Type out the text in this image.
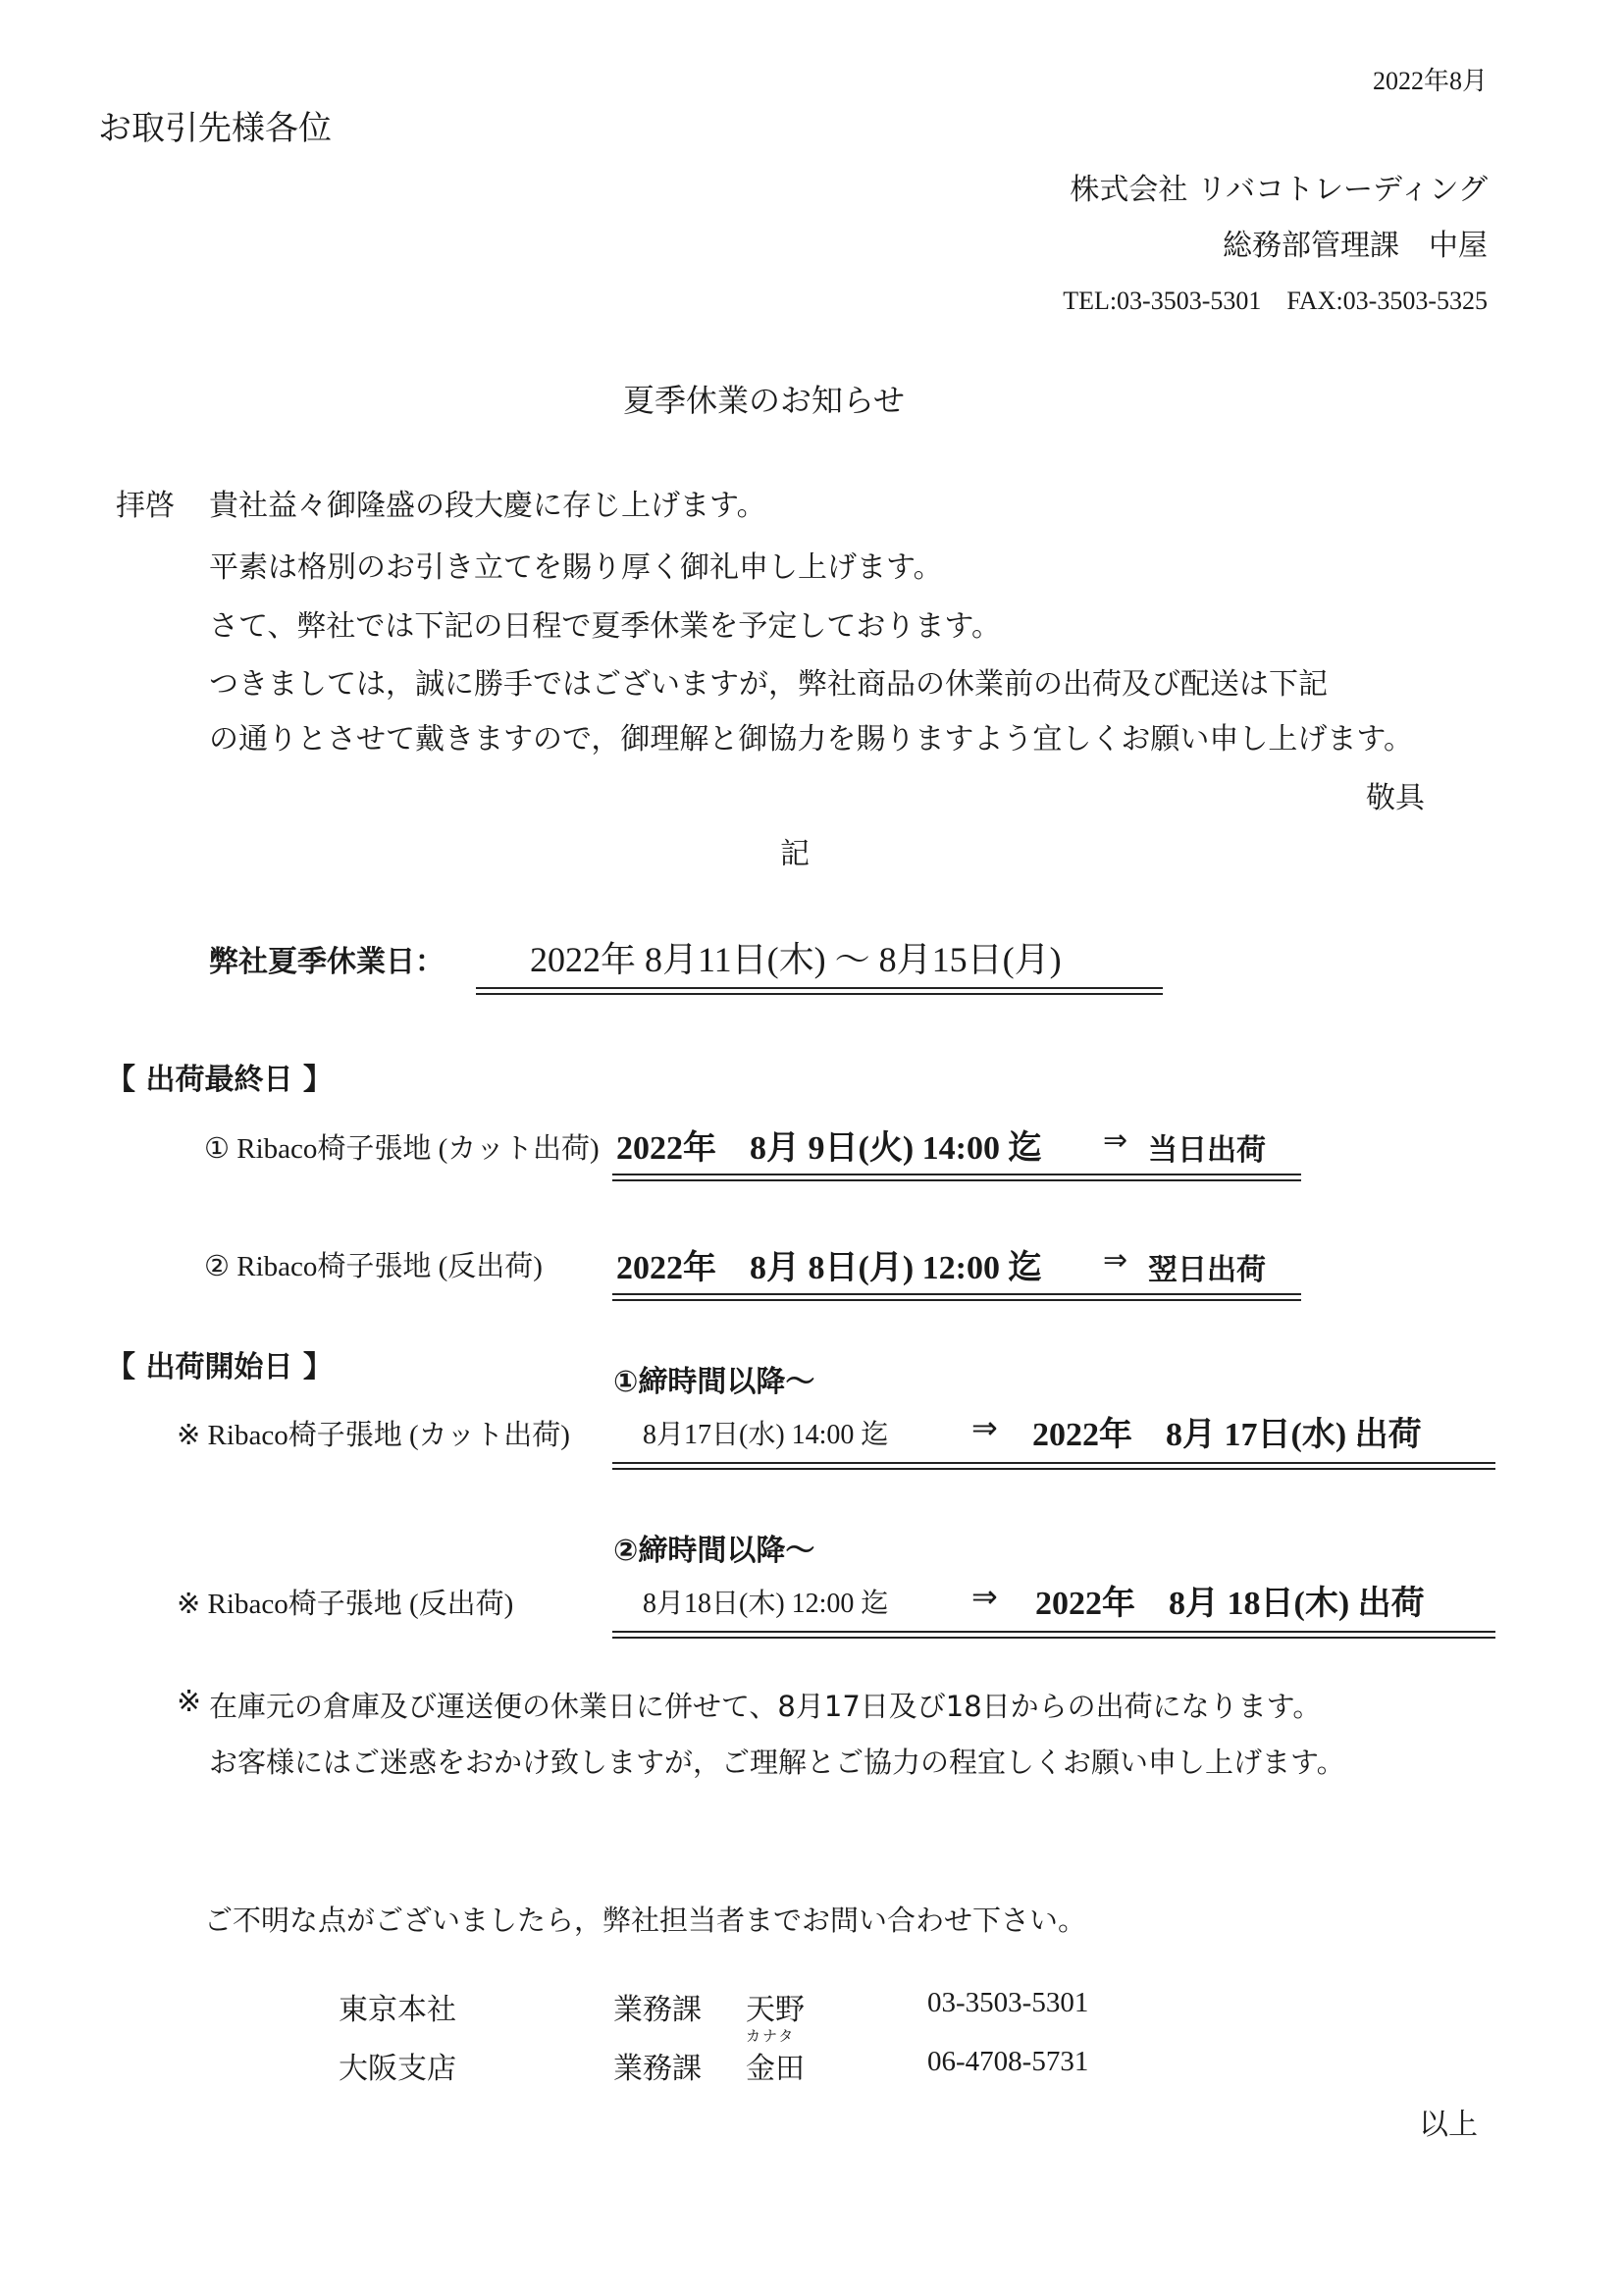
2022年8月
お取引先様各位
株式会社 リバコトレーディング
総務部管理課　中屋
TEL:03-3503-5301　FAX:03-3503-5325
夏季休業のお知らせ
拝啓 貴社益々御隆盛の段大慶に存じ上げます。
平素は格別のお引き立てを賜り厚く御礼申し上げます。
さて、弊社では下記の日程で夏季休業を予定しております。
つきましては，誠に勝手ではございますが，弊社商品の休業前の出荷及び配送は下記
の通りとさせて戴きますので，御理解と御協力を賜りますよう宜しくお願い申し上げます。
敬具
記
弊社夏季休業日： 2022年 8月11日(木) 〜 8月15日(月)
【 出荷最終日 】
① Ribaco椅子張地 (カット出荷) 2022年　8月 9日(火) 14:00 迄 ⇒ 当日出荷
② Ribaco椅子張地 (反出荷) 2022年　8月 8日(月) 12:00 迄 ⇒ 翌日出荷
【 出荷開始日 】	①締時間以降～
※ Ribaco椅子張地 (カット出荷)	8月17日(水) 14:00 迄	⇒ 2022年　8月 17日(水) 出荷
②締時間以降～
※ Ribaco椅子張地 (反出荷)	8月18日(木) 12:00 迄	⇒ 2022年　8月 18日(木) 出荷
※ 在庫元の倉庫及び運送便の休業日に併せて、8月17日及び18日からの出荷になります。
お客様にはご迷惑をおかけ致しますが，ご理解とご協力の程宜しくお願い申し上げます。
ご不明な点がございましたら，弊社担当者までお問い合わせ下さい。
東京本社	業務課 天野	03-3503-5301
カナタ
大阪支店	業務課 金田	06-4708-5731
以上
